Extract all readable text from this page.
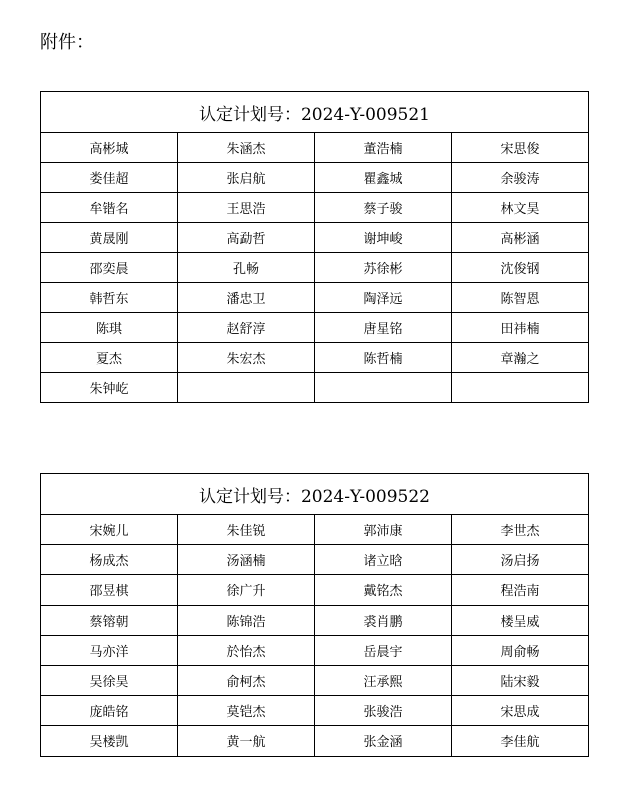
附件：
认定计划号：2024-Y-009521			
高彬城	朱涵杰	董浩楠	宋思俊
娄佳超	张启航	瞿鑫城	余骏涛
牟锴名	王思浩	蔡子骏	林文昊
黄晟刚	高勐哲	谢坤峻	高彬涵
邵奕晨	孔畅	苏徐彬	沈俊钢
韩哲东	潘忠卫	陶泽远	陈智恩
陈琪	赵舒淳	唐星铭	田祎楠
夏杰	朱宏杰	陈哲楠	章瀚之
朱钟屹			
认定计划号：2024-Y-009522			
宋婉儿	朱佳锐	郭沛康	李世杰
杨成杰	汤涵楠	诸立晗	汤启扬
邵昱棋	徐广升	戴铭杰	程浩南
蔡镕朝	陈锦浩	裘肖鹏	楼呈威
马亦洋	於怡杰	岳晨宇	周俞畅
吴徐昊	俞柯杰	汪承熙	陆宋毅
庞皓铭	莫铠杰	张骏浩	宋思成
吴楼凯	黄一航	张金涵	李佳航
